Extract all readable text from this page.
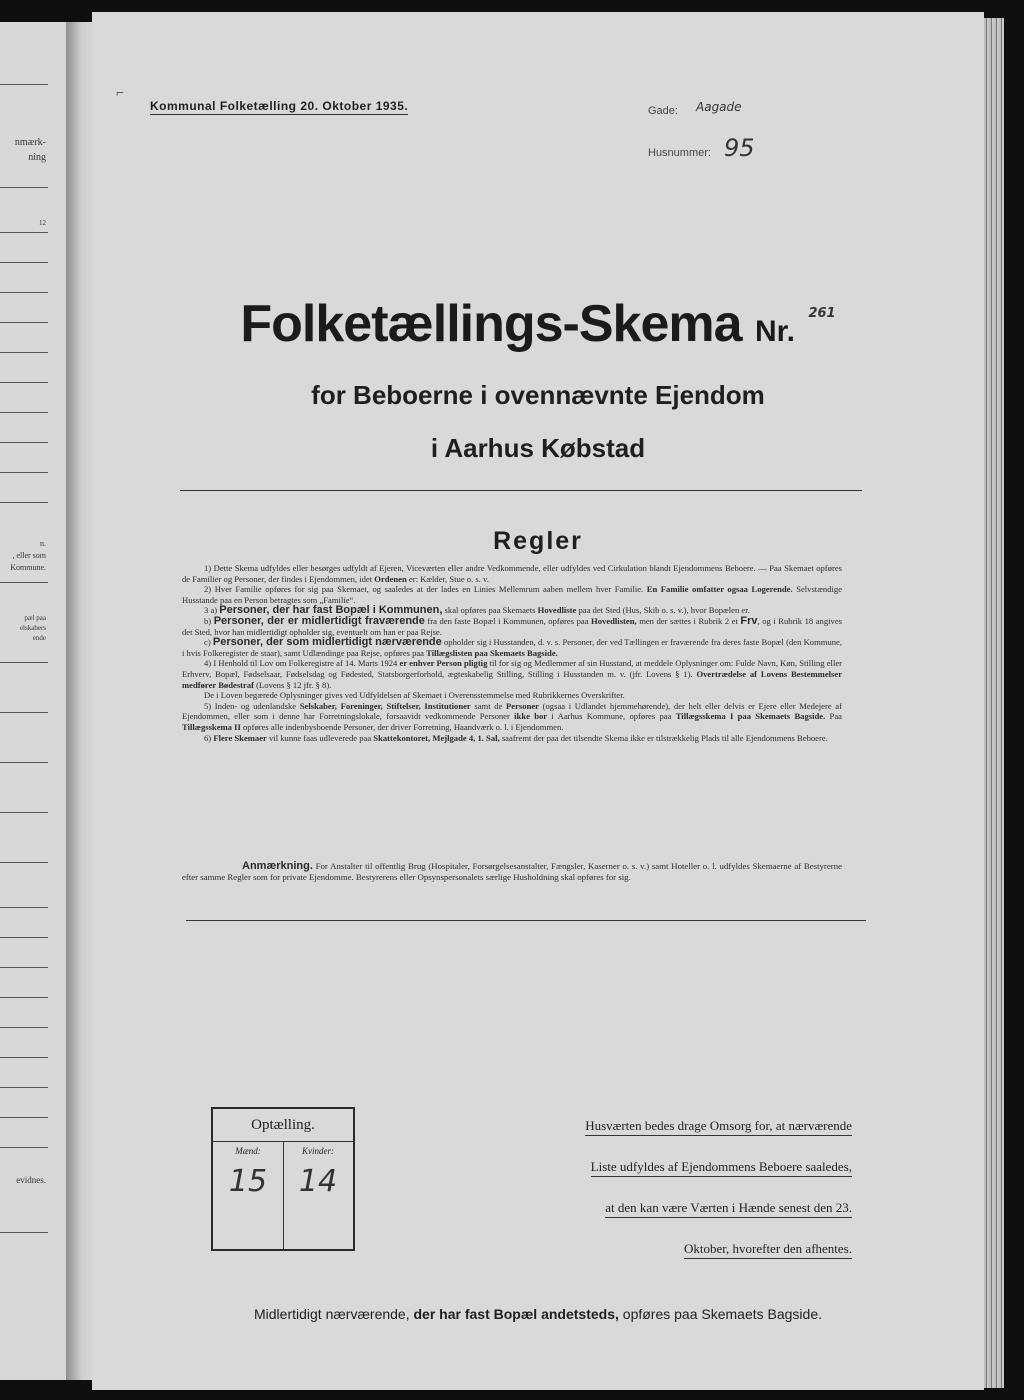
nmærk-
ning
12
n.
, eller som
Kommune.
pæl paa
elskabers
ende
evidnes.
⌐
Kommunal Folketælling 20. Oktober 1935.	Gade: Aagade
Husnummer: 95
Folketællings-Skema Nr. $^{261}$
for Beboerne i ovennævnte Ejendom
i Aarhus Købstad
Regler

1) Dette Skema udfyldes eller besørges udfyldt af Ejeren, Viceværten eller andre Vedkommende, eller udfyldes ved Cirkulation blandt Ejendommens Beboere. — Paa Skemaet opføres de Familier og Personer, der findes i Ejendommen, idet Ordenen er: Kælder, Stue o. s. v.

2) Hver Familie opføres for sig paa Skemaet, og saaledes at der lades en Linies Mellemrum aaben mellem hver Familie. En Familie omfatter ogsaa Logerende. Selvstændige Husstande paa en Person betragtes som „Familie“.

3 a) Personer, der har fast Bopæl i Kommunen, skal opføres paa Skemaets Hovedliste paa det Sted (Hus, Skib o. s. v.), hvor Bopælen er.

b) Personer, der er midlertidigt fraværende fra den faste Bopæl i Kommunen, opføres paa Hovedlisten, men der sættes i Rubrik 2 et Frv, og i Rubrik 18 angives det Sted, hvor han midlertidigt opholder sig, eventuelt om han er paa Rejse.

c) Personer, der som midlertidigt nærværende opholder sig i Husstanden, d. v. s. Personer, der ved Tællingen er fraværende fra deres faste Bopæl (den Kommune, i hvis Folkeregister de staar), samt Udlændinge paa Rejse, opføres paa Tillægslisten paa Skemaets Bagside.

4) I Henhold til Lov om Folkeregistre af 14. Marts 1924 er enhver Person pligtig til for sig og Medlemmer af sin Husstand, at meddele Oplysninger om: Fulde Navn, Køn, Stilling eller Erhverv, Bopæl, Fødselsaar, Fødselsdag og Fødested, Statsborgerforhold, ægteskabelig Stilling, Stilling i Husstanden m. v. (jfr. Lovens § 1). Overtrædelse af Lovens Bestemmelser medfører Bødestraf (Lovens § 12 jfr. § 8).

De i Loven begærede Oplysninger gives ved Udfyldelsen af Skemaet i Overensstemmelse med Rubrikkernes Overskrifter.

5) Inden- og udenlandske Selskaber, Foreninger, Stiftelser, Institutioner samt de Personer (ogsaa i Udlandet hjemmehørende), der helt eller delvis er Ejere eller Medejere af Ejendommen, eller som i denne har Forretningslokale, forsaavidt vedkommende Personer ikke bor i Aarhus Kommune, opføres paa Tillægsskema I paa Skemaets Bagside. Paa Tillægsskema II opføres alle indenbysboende Personer, der driver Forretning, Haandværk o. l. i Ejendommen.

6) Flere Skemaer vil kunne faas udleverede paa Skattekontoret, Mejlgade 4, 1. Sal, saafremt der paa det tilsendte Skema ikke er tilstrækkelig Plads til alle Ejendommens Beboere.

Anmærkning. For Anstalter til offentlig Brug (Hospitaler, Forsørgelsesanstalter, Fængsler, Kaserner o. s. v.) samt Hoteller o. l. udfyldes Skemaerne af Bestyrerne efter samme Regler som for private Ejendomme. Bestyrerens eller Opsynspersonalets særlige Husholdning skal opføres for sig.

Optælling.
Mænd:
15
Kvinder:
14
Husværten bedes drage Omsorg for, at nærværende
Liste udfyldes af Ejendommens Beboere saaledes,
at den kan være Værten i Hænde senest den 23.
Oktober, hvorefter den afhentes.
Midlertidigt nærværende, der har fast Bopæl andetsteds, opføres paa Skemaets Bagside.
